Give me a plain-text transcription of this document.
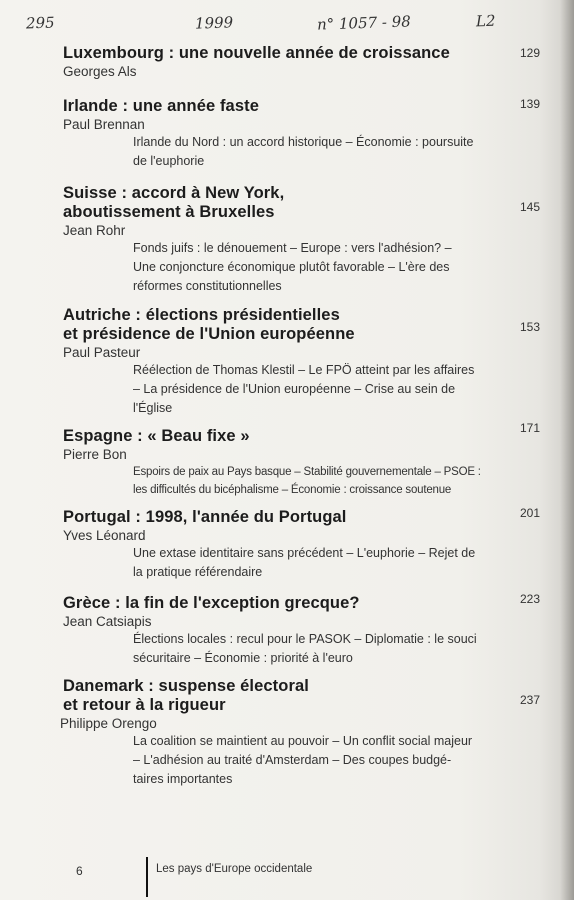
295	1999	n° 1057 - 98	L2
Luxembourg : une nouvelle année de croissance	129
Georges Als
Irlande : une année faste	139
Paul Brennan
Irlande du Nord : un accord historique – Économie : poursuite
de l'euphorie
Suisse : accord à New York,
aboutissement à Bruxelles	145
Jean Rohr
Fonds juifs : le dénouement – Europe : vers l'adhésion? –
Une conjoncture économique plutôt favorable – L'ère des
réformes constitutionnelles
Autriche : élections présidentielles
et présidence de l'Union européenne	153
Paul Pasteur
Réélection de Thomas Klestil – Le FPÖ atteint par les affaires
– La présidence de l'Union européenne – Crise au sein de
l'Église
Espagne : « Beau fixe »	171
Pierre Bon
Espoirs de paix au Pays basque – Stabilité gouvernementale – PSOE :
les difficultés du bicéphalisme – Économie : croissance soutenue
Portugal : 1998, l'année du Portugal	201
Yves Léonard
Une extase identitaire sans précédent – L'euphorie – Rejet de
la pratique référendaire
Grèce : la fin de l'exception grecque?	223
Jean Catsiapis
Élections locales : recul pour le PASOK – Diplomatie : le souci
sécuritaire – Économie : priorité à l'euro
Danemark : suspense électoral
et retour à la rigueur	237
Philippe Orengo
La coalition se maintient au pouvoir – Un conflit social majeur
– L'adhésion au traité d'Amsterdam – Des coupes budgé-
taires importantes
6	Les pays d'Europe occidentale
